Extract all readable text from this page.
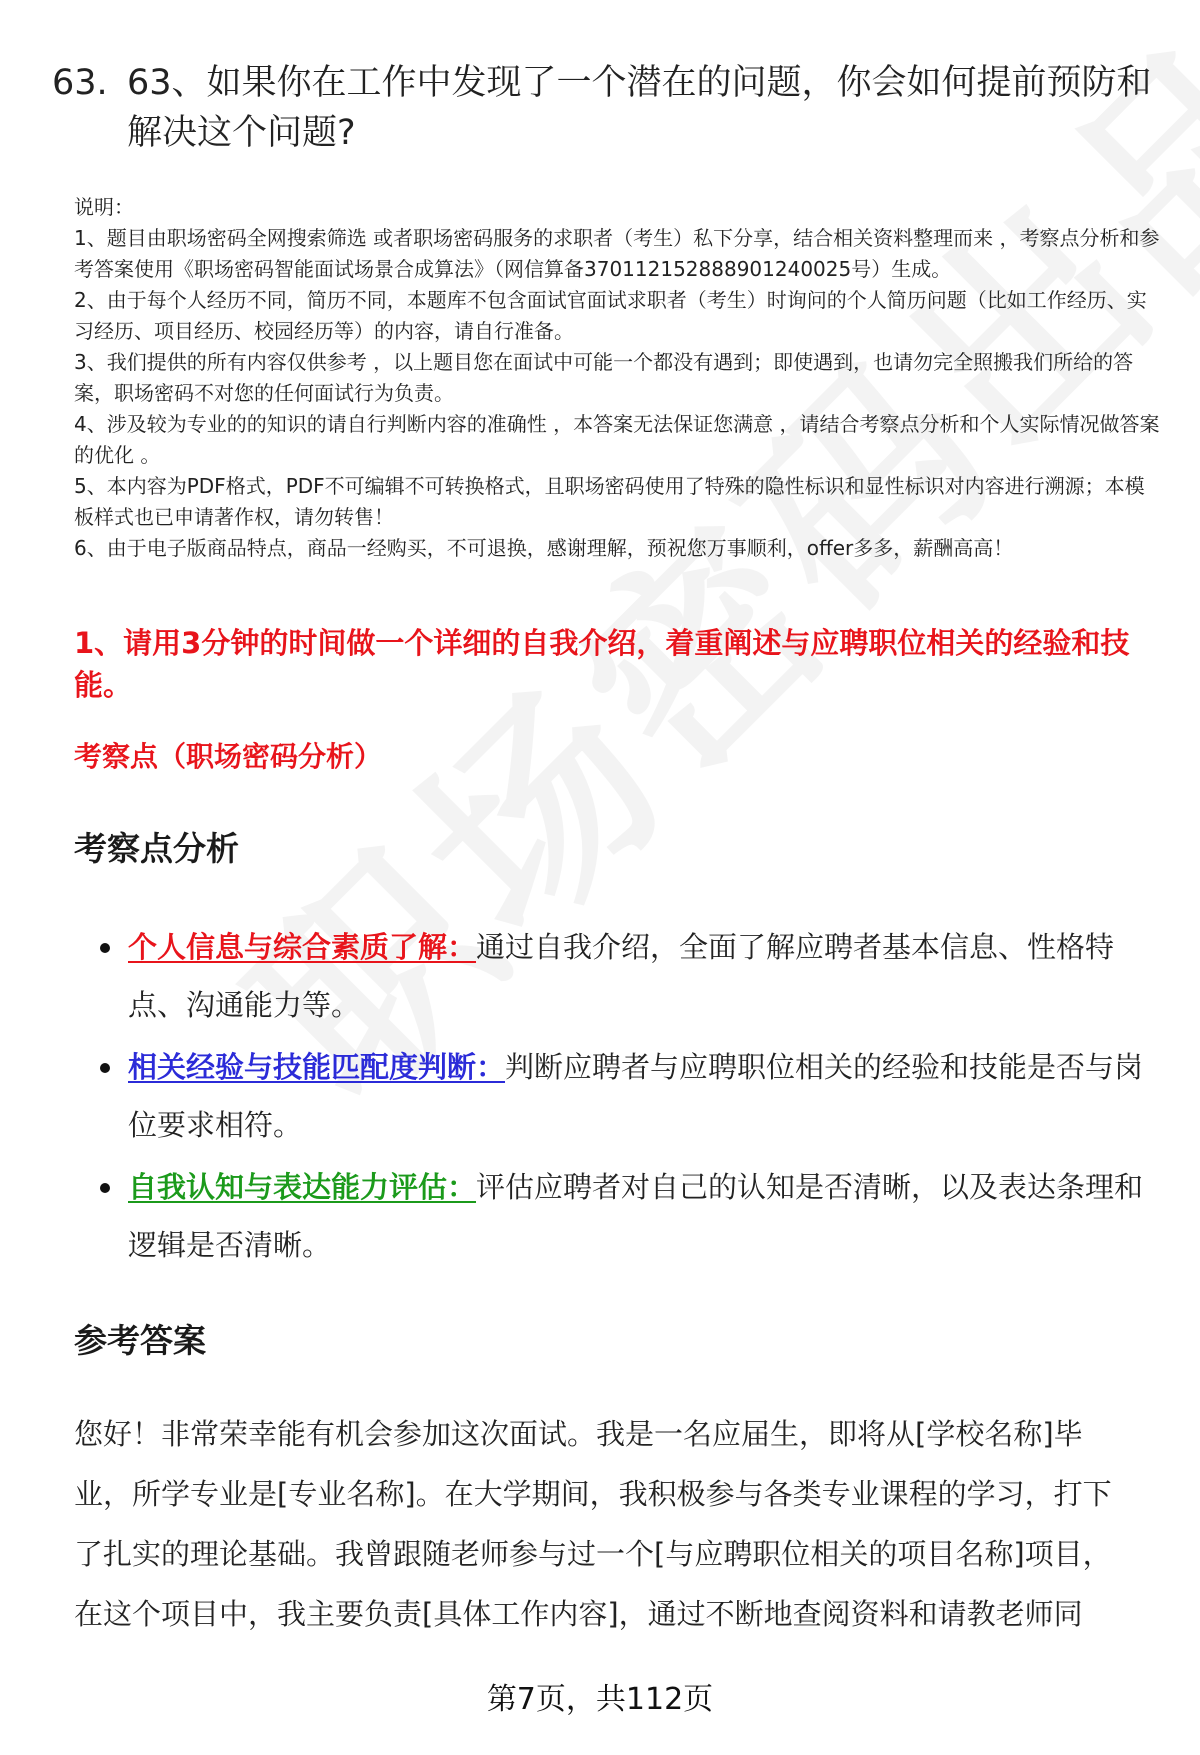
63. 63、如果你在工作中发现了一个潜在的问题，你会如何提前预防和解决这个问题?
说明：
1、题目由职场密码全网搜索筛选 或者职场密码服务的求职者（考生）私下分享，结合相关资料整理而来 ，考察点分析和参考答案使用《职场密码智能面试场景合成算法》（网信算备370112152888901240025号）生成。
2、由于每个人经历不同，简历不同，本题库不包含面试官面试求职者（考生）时询问的个人简历问题（比如工作经历、实习经历、项目经历、校园经历等）的内容，请自行准备。
3、我们提供的所有内容仅供参考 ，以上题目您在面试中可能一个都没有遇到；即使遇到，也请勿完全照搬我们所给的答案，职场密码不对您的任何面试行为负责。
4、涉及较为专业的的知识的请自行判断内容的准确性 ，本答案无法保证您满意 ，请结合考察点分析和个人实际情况做答案的优化 。
5、本内容为PDF格式，PDF不可编辑不可转换格式，且职场密码使用了特殊的隐性标识和显性标识对内容进行溯源；本模板样式也已申请著作权，请勿转售！
6、由于电子版商品特点，商品一经购买，不可退换，感谢理解，预祝您万事顺利，offer多多，薪酬高高！
1、请用3分钟的时间做一个详细的自我介绍，着重阐述与应聘职位相关的经验和技能。
考察点（职场密码分析）
考察点分析
个人信息与综合素质了解：通过自我介绍，全面了解应聘者基本信息、性格特点、沟通能力等。
相关经验与技能匹配度判断：判断应聘者与应聘职位相关的经验和技能是否与岗位要求相符。
自我认知与表达能力评估：评估应聘者对自己的认知是否清晰，以及表达条理和逻辑是否清晰。
参考答案
您好！非常荣幸能有机会参加这次面试。我是一名应届生，即将从[学校名称]毕业，所学专业是[专业名称]。在大学期间，我积极参与各类专业课程的学习，打下了扎实的理论基础。我曾跟随老师参与过一个[与应聘职位相关的项目名称]项目，在这个项目中，我主要负责[具体工作内容]，通过不断地查阅资料和请教老师同
第7页，共112页
